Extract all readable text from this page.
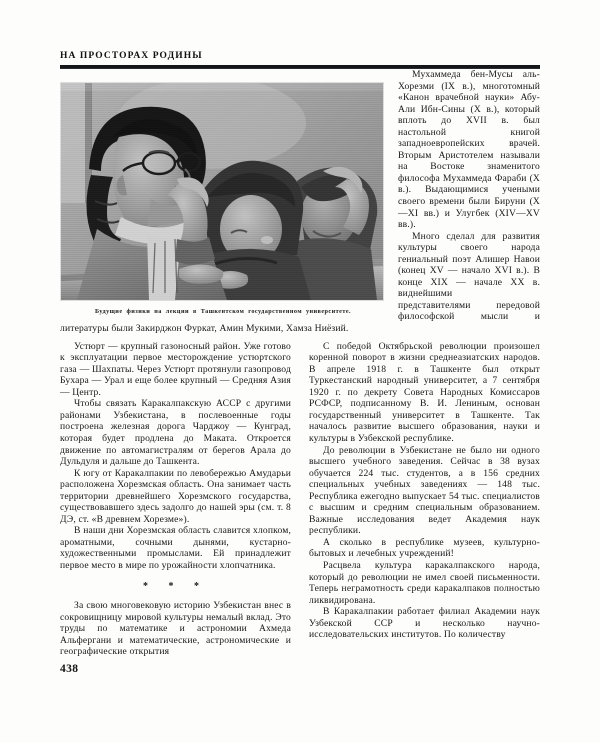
НА ПРОСТОРАХ РОДИНЫ
Будущие физики на лекции в Ташкентском государственном университете.

Мухаммеда бен-Мусы аль-Хорезми (IX в.), многотомный «Канон врачебной науки» Абу-Али Ибн-Сины (X в.), который вплоть до XVII в. был настольной книгой западноевропейских врачей. Вторым Аристотелем называли на Востоке знаменитого философа Мухаммеда Фараби (X в.). Выдающимися учеными своего времени были Бируни (X—XI вв.) и Улугбек (XIV—XV вв.).

Много сделал для развития культуры своего народа гениальный поэт Алишер Навои (конец XV — начало XVI в.). В конце XIX — начале XX в. виднейшими

представителями передовой философской мысли и литературы были Закирджон Фуркат, Амин Мукими, Хамза Ниёзий.

Устюрт — крупный газоносный район. Уже готово к эксплуатации первое месторождение устюртского газа — Шахпаты. Через Устюрт протянули газопровод Бухара — Урал и еще более крупный — Средняя Азия — Центр.

Чтобы связать Каракалпакскую АССР с другими районами Узбекистана, в послевоенные годы построена железная дорога Чарджоу — Кунград, которая будет продлена до Маката. Откроется движение по автомагистралям от берегов Арала до Дульдуля и дальше до Ташкента.

К югу от Каракалпакии по левобережью Амударьи расположена Хорезмская область. Она занимает часть территории древнейшего Хорезмского государства, существовавшего здесь задолго до нашей эры (см. т. 8 ДЭ, ст. «В древнем Хорезме»).

В наши дни Хорезмская область славится хлопком, ароматными, сочными дынями, кустарно-художественными промыслами. Ей принадлежит первое место в мире по урожайности хлопчатника.

* * *

За свою многовековую историю Узбекистан внес в сокровищницу мировой культуры немалый вклад. Это труды по математике и астрономии Ахмеда Альфергани и математические, астрономические и географические открытия

С победой Октябрьской революции произошел коренной поворот в жизни среднеазиатских народов. В апреле 1918 г. в Ташкенте был открыт Туркестанский народный университет, а 7 сентября 1920 г. по декрету Совета Народных Комиссаров РСФСР, подписанному В. И. Лениным, основан государственный университет в Ташкенте. Так началось развитие высшего образования, науки и культуры в Узбекской республике.

До революции в Узбекистане не было ни одного высшего учебного заведения. Сейчас в 38 вузах обучается 224 тыс. студентов, а в 156 средних специальных учебных заведениях — 148 тыс. Республика ежегодно выпускает 54 тыс. специалистов с высшим и средним специальным образованием. Важные исследования ведет Академия наук республики.

А сколько в республике музеев, культурно-бытовых и лечебных учреждений!

Расцвела культура каракалпакского народа, который до революции не имел своей письменности. Теперь неграмотность среди каракалпаков полностью ликвидирована.

В Каракалпакии работает филиал Академии наук Узбекской ССР и несколько научно-исследовательских институтов. По количеству

438
